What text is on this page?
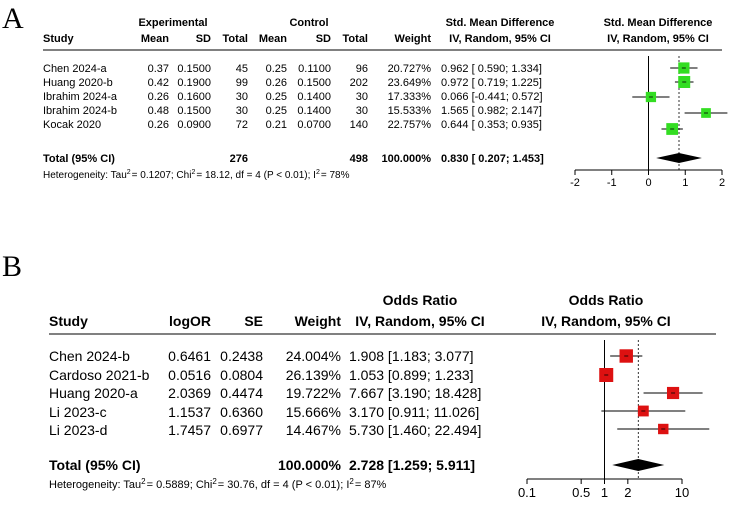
A	Experimental	Control
Study	Mean SD Total Mean	SD Total Weight
Std. Mean Difference
IV, Random, 95% CI
Std. Mean Difference
IV, Random, 95% CI
Chen 2024-a	0.37 0.1500 45 0.25 0.1100 96 20.727% 0.962 [ 0.590; 1.334]
Huang 2020-b	0.42 0.1900 99 0.26 0.1500 202 23.649% 0.972 [ 0.719; 1.225]
Ibrahim 2024-a	0.26 0.1600 30 0.25 0.1400 30 17.333% 0.066 [-0.441; 0.572]
Ibrahim 2024-b	0.48 0.1500 30 0.25 0.1400 30 15.533% 1.565 [ 0.982; 2.147]
Kocak 2020	0.26 0.0900 72 0.21 0.0700 140 22.757% 0.644 [ 0.353; 0.935]
Total (95% CI)	276	498 100.000% 0.830 [ 0.207; 1.453]
Heterogeneity: Tau$^2$= 0.1207; Chi$^2$= 18.12, df = 4 (P < 0.01); $I^2= 78\%$
-2 -1	0	1	2
B
Study	logOR SE Weight
Odds Ratio
IV, Random, 95% CI
Odds Ratio
IV, Random, 95% CI
Chen 2024-b	0.6461 0.2438 24.004% 1.908 [1.183; 3.077]
Cardoso 2021-b 0.0516 0.0804 26.139% 1.053 [0.899; 1.233]
Huang 2020-a 2.0369 0.4474 19.722% 7.667 [3.190; 18.428]
Li 2023-c	1.1537 0.6360 15.666% 3.170 [0.911; 11.026]
Li 2023-d	1.7457 0.6977 14.467% 5.730 [1.460; 22.494]
Total (95% CI)	100.000% 2.728 [1.259; 5.911]
Heterogeneity: Tau$^2$= 0.5889; Chi$^2$= 30.76, df = 4 (P < 0.01); $I^2= 87\%$	0.1	0.5 1 2	10
